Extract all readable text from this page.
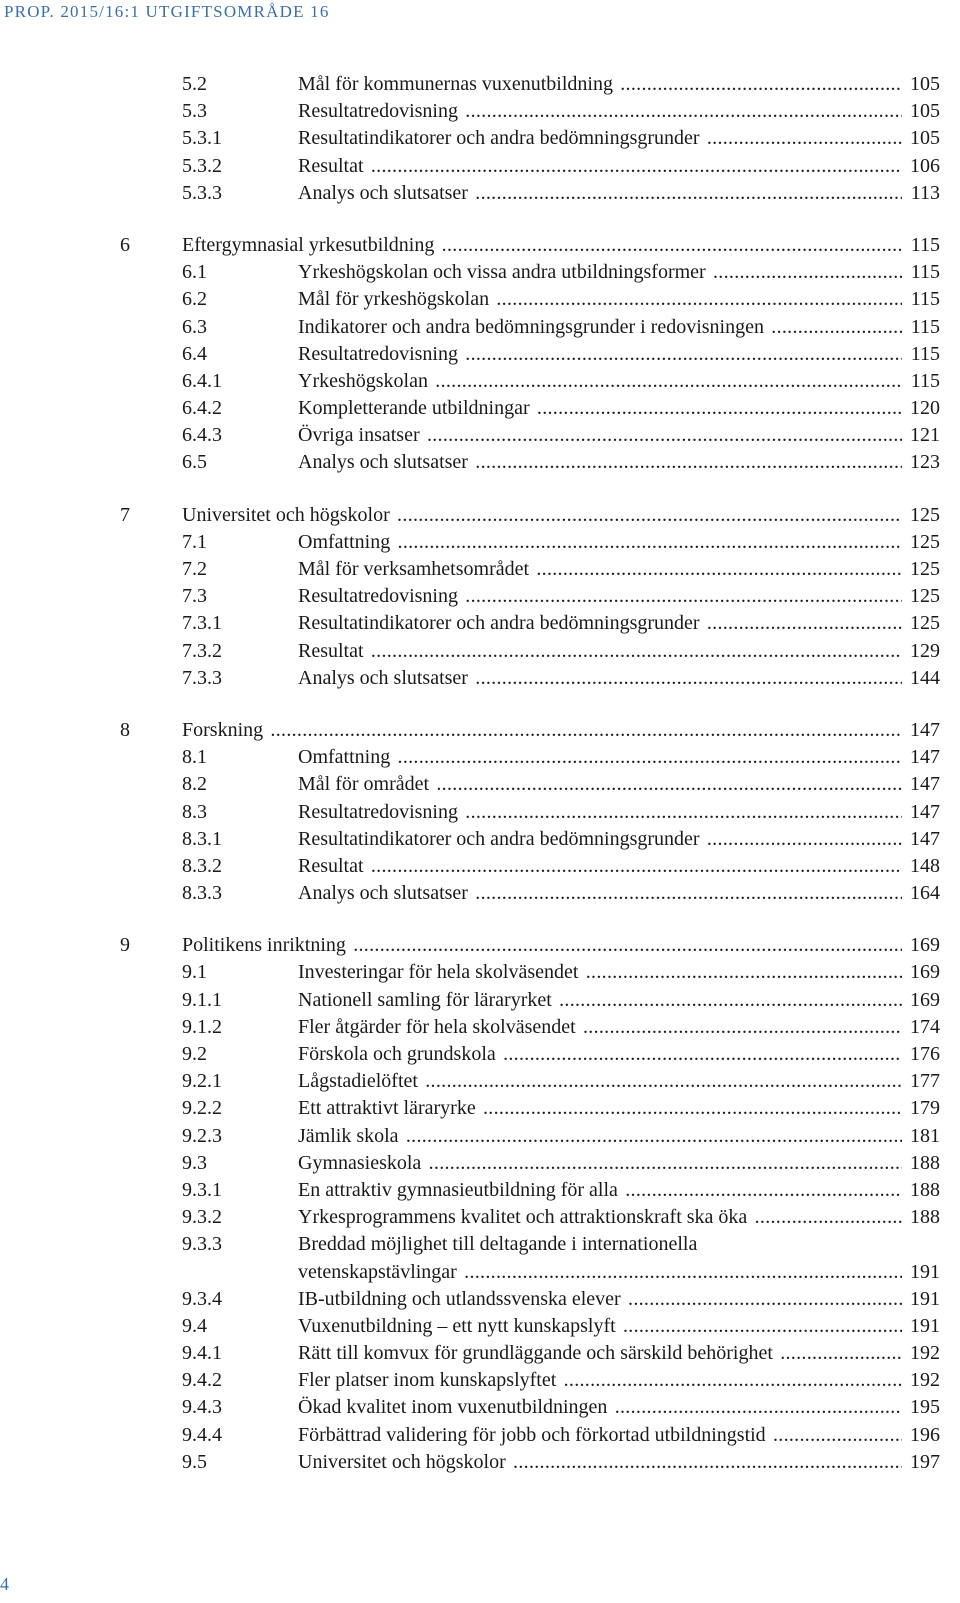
PROP. 2015/16:1 UTGIFTSOMRÅDE 16
5.2	Mål för kommunernas vuxenutbildning .....	105
5.3	Resultatredovisning .....	105
5.3.1	Resultatindikatorer och andra bedömningsgrunder .....	105
5.3.2	Resultat .....	106
5.3.3	Analys och slutsatser .....	113
6	Eftergymnasial yrkesutbildning .....	115
6.1	Yrkeshögskolan och vissa andra utbildningsformer .....	115
6.2	Mål för yrkeshögskolan .....	115
6.3	Indikatorer och andra bedömningsgrunder i redovisningen .....	115
6.4	Resultatredovisning .....	115
6.4.1	Yrkeshögskolan .....	115
6.4.2	Kompletterande utbildningar .....	120
6.4.3	Övriga insatser .....	121
6.5	Analys och slutsatser .....	123
7	Universitet och högskolor .....	125
7.1	Omfattning .....	125
7.2	Mål för verksamhetsområdet .....	125
7.3	Resultatredovisning .....	125
7.3.1	Resultatindikatorer och andra bedömningsgrunder .....	125
7.3.2	Resultat .....	129
7.3.3	Analys och slutsatser .....	144
8	Forskning .....	147
8.1	Omfattning .....	147
8.2	Mål för området .....	147
8.3	Resultatredovisning .....	147
8.3.1	Resultatindikatorer och andra bedömningsgrunder .....	147
8.3.2	Resultat .....	148
8.3.3	Analys och slutsatser .....	164
9	Politikens inriktning .....	169
9.1	Investeringar för hela skolväsendet .....	169
9.1.1	Nationell samling för läraryrket .....	169
9.1.2	Fler åtgärder för hela skolväsendet .....	174
9.2	Förskola och grundskola .....	176
9.2.1	Lågstadielöftet .....	177
9.2.2	Ett attraktivt läraryrke .....	179
9.2.3	Jämlik skola .....	181
9.3	Gymnasieskola .....	188
9.3.1	En attraktiv gymnasieutbildning för alla .....	188
9.3.2	Yrkesprogrammens kvalitet och attraktionskraft ska öka .....	188
9.3.3	Breddad möjlighet till deltagande i internationella
vetenskapstävlingar .....	191
9.3.4	IB-utbildning och utlandssvenska elever .....	191
9.4	Vuxenutbildning – ett nytt kunskapslyft .....	191
9.4.1	Rätt till komvux för grundläggande och särskild behörighet .....	192
9.4.2	Fler platser inom kunskapslyftet .....	192
9.4.3	Ökad kvalitet inom vuxenutbildningen .....	195
9.4.4	Förbättrad validering för jobb och förkortad utbildningstid .....	196
9.5	Universitet och högskolor .....	197
4
